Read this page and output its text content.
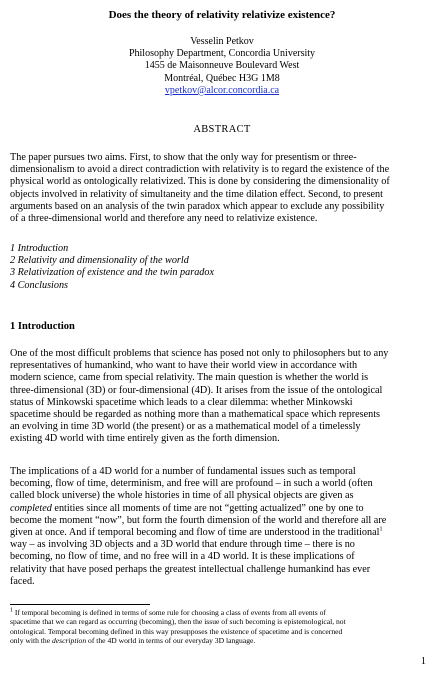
Does the theory of relativity relativize existence?
Vesselin Petkov
Philosophy Department, Concordia University
1455 de Maisonneuve Boulevard West
Montréal, Québec H3G 1M8
vpetkov@alcor.concordia.ca
ABSTRACT
The paper pursues two aims. First, to show that the only way for presentism or three-
dimensionalism to avoid a direct contradiction with relativity is to regard the existence of the
physical world as ontologically relativized. This is done by considering the dimensionality of
objects involved in relativity of simultaneity and the time dilation effect. Second, to present
arguments based on an analysis of the twin paradox which appear to exclude any possibility
of a three-dimensional world and therefore any need to relativize existence.
1 Introduction
2 Relativity and dimensionality of the world
3 Relativization of existence and the twin paradox
4 Conclusions
1 Introduction
One of the most difficult problems that science has posed not only to philosophers but to any
representatives of humankind, who want to have their world view in accordance with
modern science, came from special relativity. The main question is whether the world is
three-dimensional (3D) or four-dimensional (4D). It arises from the issue of the ontological
status of Minkowski spacetime which leads to a clear dilemma: whether Minkowski
spacetime should be regarded as nothing more than a mathematical space which represents
an evolving in time 3D world (the present) or as a mathematical model of a timelessly
existing 4D world with time entirely given as the forth dimension.
The implications of a 4D world for a number of fundamental issues such as temporal
becoming, flow of time, determinism, and free will are profound – in such a world (often
called block universe) the whole histories in time of all physical objects are given as
completed entities since all moments of time are not “getting actualized” one by one to
become the moment “now”, but form the fourth dimension of the world and therefore all are
given at once. And if temporal becoming and flow of time are understood in the traditional$^1$
way – as involving 3D objects and a 3D world that endure through time – there is no
becoming, no flow of time, and no free will in a 4D world. It is these implications of
relativity that have posed perhaps the greatest intellectual challenge humankind has ever
faced.
$^1$ If temporal becoming is defined in terms of some rule for choosing a class of events from all events of
spacetime that we can regard as occurring (becoming), then the issue of such becoming is epistemological, not
ontological. Temporal becoming defined in this way presupposes the existence of spacetime and is concerned
only with the description of the 4D world in terms of our everyday 3D language.
1
